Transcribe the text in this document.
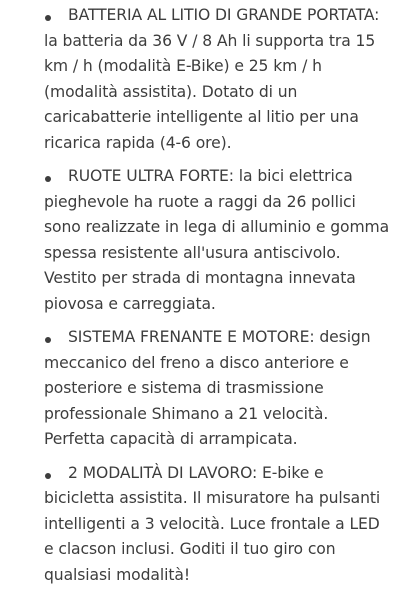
BATTERIA AL LITIO DI GRANDE PORTATA:
la batteria da 36 V / 8 Ah li supporta tra 15 km / h (modalità E-Bike) e 25 km / h (modalità assistita). Dotato di un caricabatterie intelligente al litio per una ricarica rapida (4-6 ore).
RUOTE ULTRA FORTE: la bici elettrica
pieghevole ha ruote a raggi da 26 pollici sono realizzate in lega di alluminio e gomma spessa resistente all'usura antiscivolo. Vestito per strada di montagna innevata piovosa e carreggiata.
SISTEMA FRENANTE E MOTORE: design
meccanico del freno a disco anteriore e posteriore e sistema di trasmissione professionale Shimano a 21 velocità. Perfetta capacità di arrampicata.
2 MODALITÀ DI LAVORO: E-bike e
bicicletta assistita. Il misuratore ha pulsanti intelligenti a 3 velocità. Luce frontale a LED e clacson inclusi. Goditi il tuo giro con qualsiasi modalità!
